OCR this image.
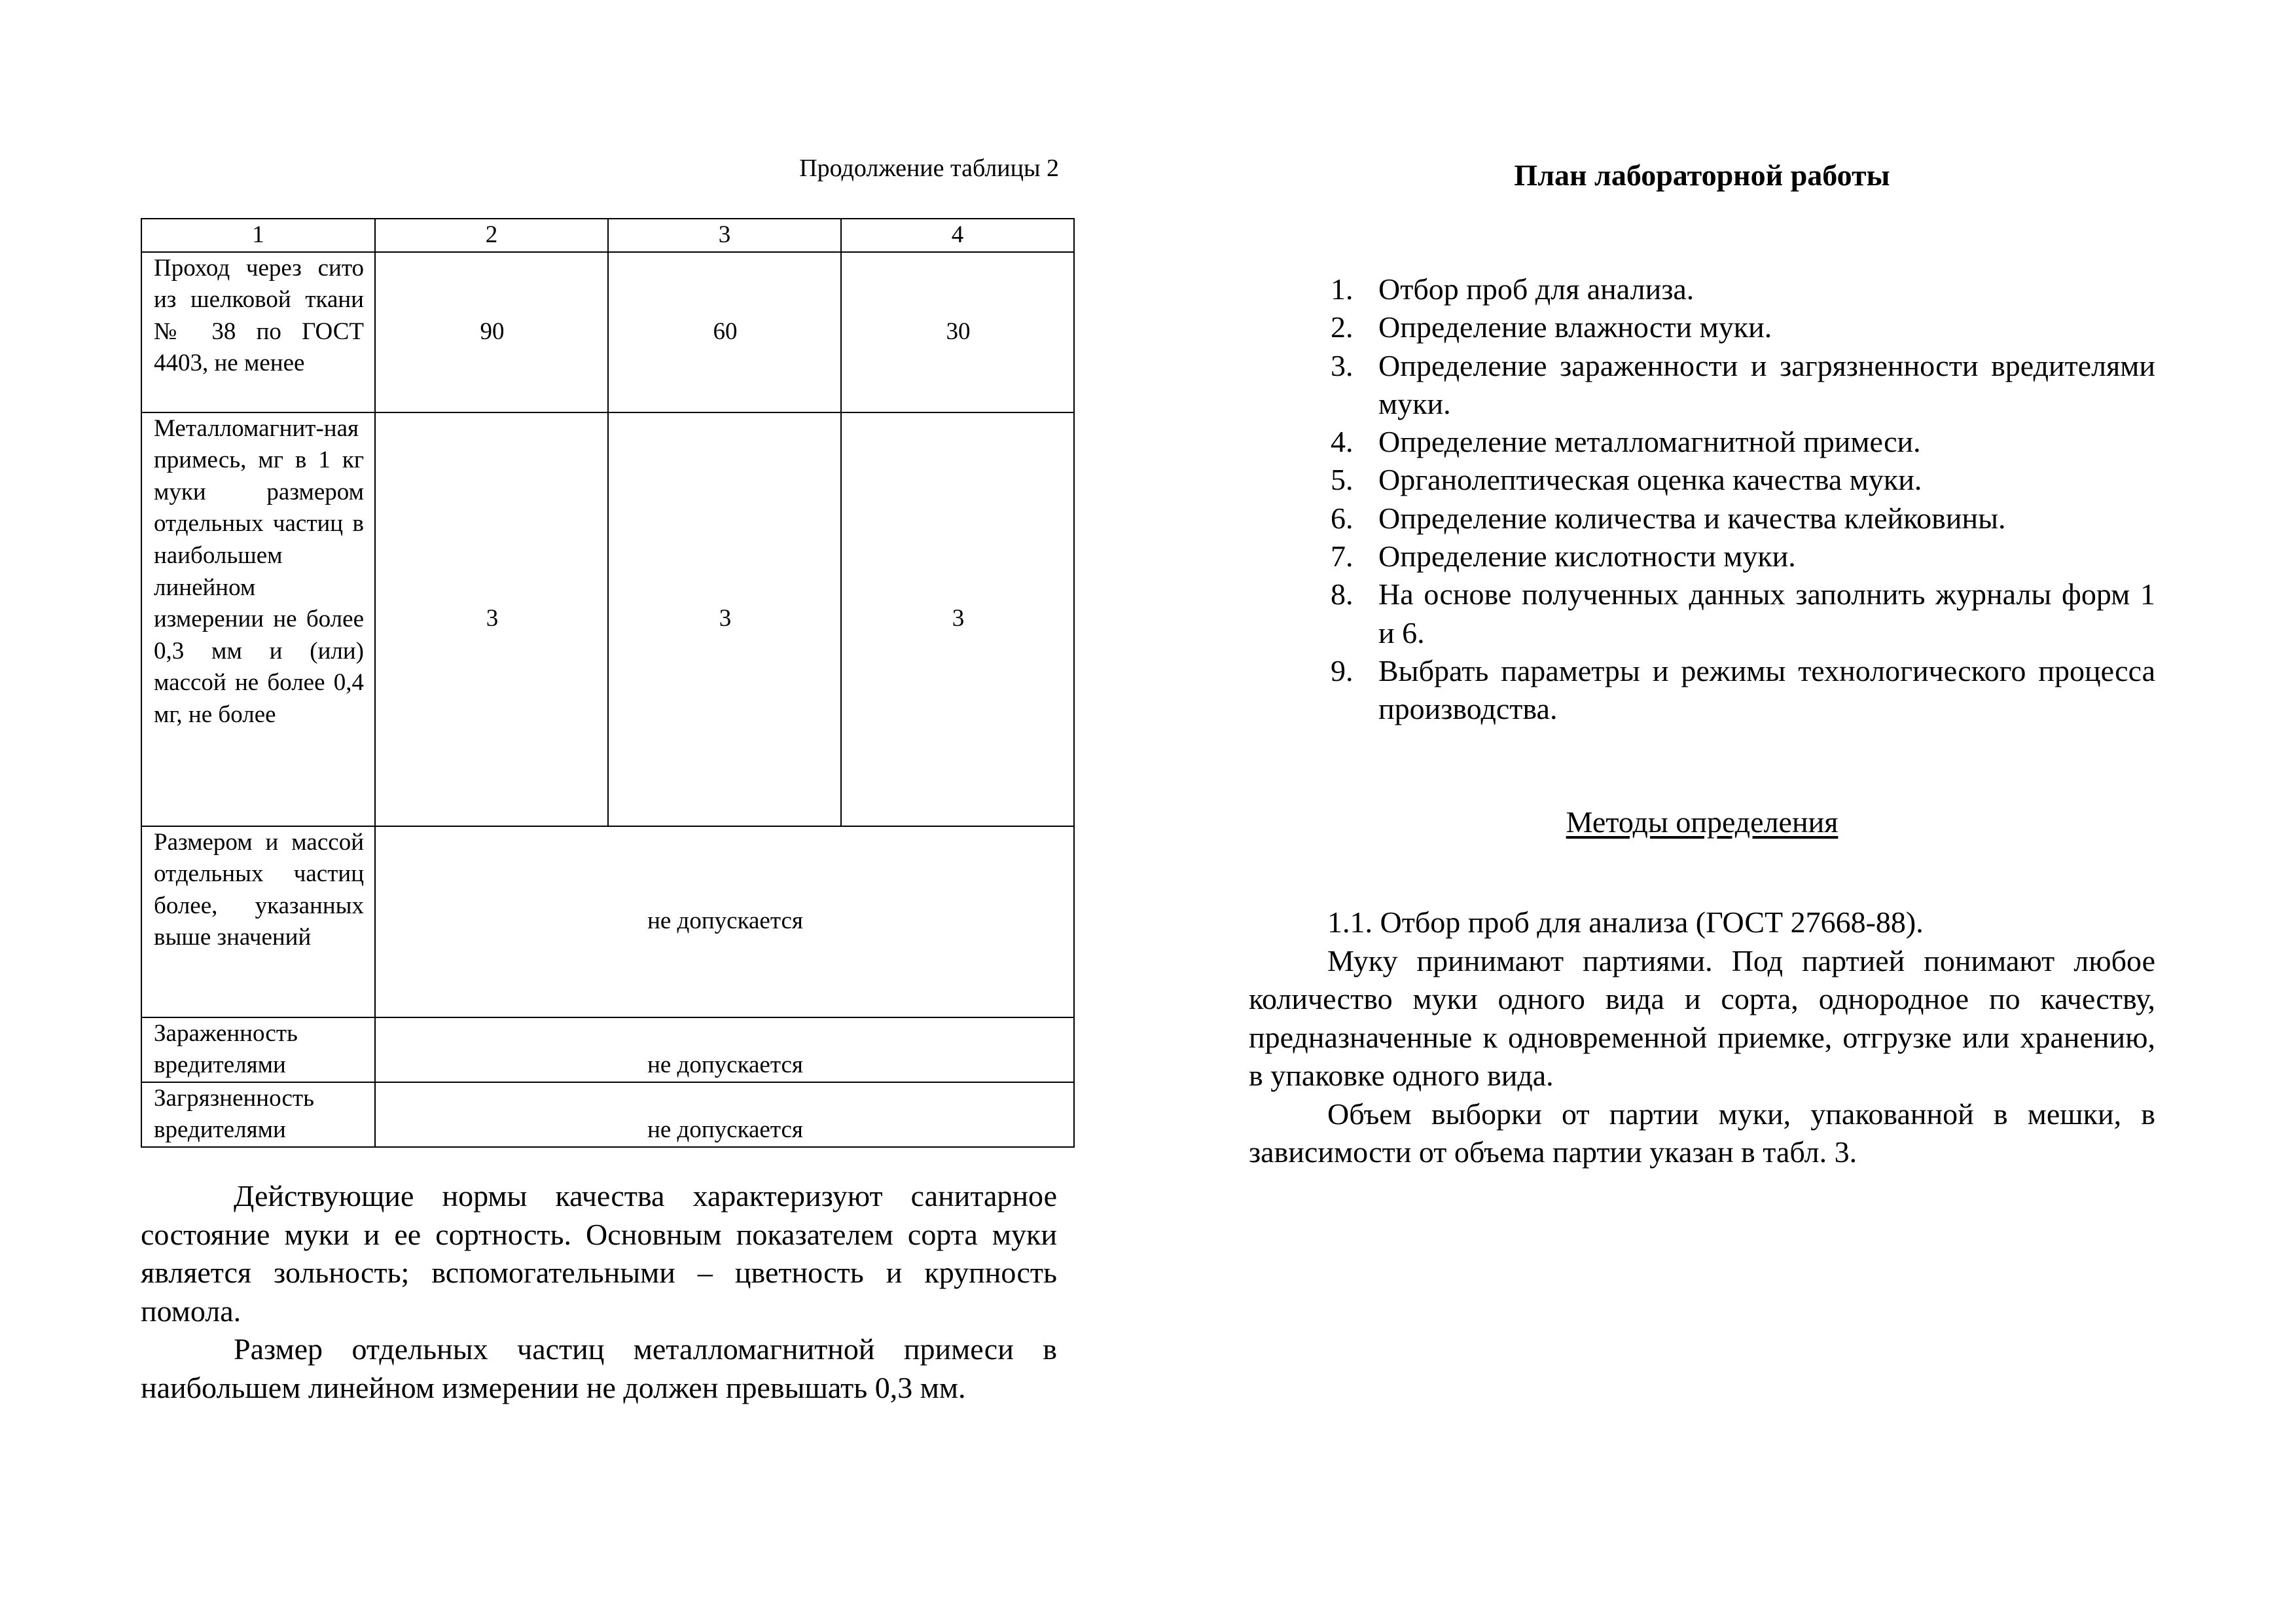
Продолжение таблицы 2
1	2	3	4
Проход через сито из шелковой ткани № 38 по ГОСТ 4403, не менее	90	60	30
Металломагнит-ная примесь, мг в 1 кг муки размером отдельных частиц в наибольшем линейном измерении не более 0,3 мм и (или) массой не более 0,4 мг, не более	3	3	3
Размером и массой отдельных частиц более, указанных выше значений	не допускается		
Зараженность вредителями	не допускается		
Загрязненность вредителями	не допускается		

Действующие нормы качества характеризуют санитарное состояние муки и ее сортность. Основным показателем сорта муки является зольность; вспомогательными – цветность и крупность помола.

Размер отдельных частиц металломагнитной примеси в наибольшем линейном измерении не должен превышать 0,3 мм.

План лабораторной работы
1. Отбор проб для анализа.
2. Определение влажности муки.
3. Определение зараженности и загрязненности вредителями муки.
4. Определение металломагнитной примеси.
5. Органолептическая оценка качества муки.
6. Определение количества и качества клейковины.
7. Определение кислотности муки.
8. На основе полученных данных заполнить журналы форм 1 и 6.
9. Выбрать параметры и режимы технологического процесса производства.
Методы определения

1.1. Отбор проб для анализа (ГОСТ 27668-88).

Муку принимают партиями. Под партией понимают любое количество муки одного вида и сорта, однородное по качеству, предназначенные к одновременной приемке, отгрузке или хранению, в упаковке одного вида.

Объем выборки от партии муки, упакованной в мешки, в зависимости от объема партии указан в табл. 3.
